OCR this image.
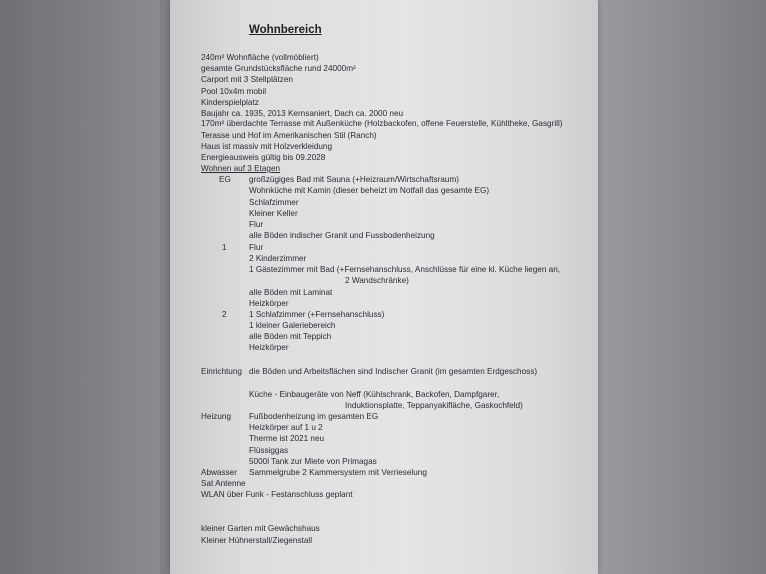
Wohnbereich
240m² Wohnfläche (vollmöbliert)
gesamte Grundstücksfläche rund 24000m²
Carport mit 3 Stellplätzen
Pool 10x4m mobil
Kinderspielplatz
Baujahr ca. 1935, 2013 Kernsaniert, Dach ca. 2000 neu
170m² überdachte Terrasse mit Außenküche (Holzbackofen, offene Feuerstelle, Kühltheke, Gasgrill)
Terasse und Hof im Amerikanischen Stil (Ranch)
Haus ist massiv mit Holzverkleidung
Energieausweis gültig bis 09.2028
Wohnen auf 3 Etagen
EG großzügiges Bad mit Sauna (+Heizraum/Wirtschaftsraum)
Wohnküche mit Kamin (dieser beheizt im Notfall das gesamte EG)
Schlafzimmer
Kleiner Keller
Flur
alle Böden indischer Granit und Fussbodenheizung
1	Flur
2 Kinderzimmer
1 Gästezimmer mit Bad (+Fernsehanschluss, Anschlüsse für eine kl. Küche liegen an,
2 Wandschränke)
alle Böden mit Laminat
Heizkörper
2	1 Schlafzimmer (+Fernsehanschluss)
1 kleiner Galeriebereich
alle Böden mit Teppich
Heizkörper
Einrichtung die Böden und Arbeitsflächen sind Indischer Granit (im gesamten Erdgeschoss)
Küche - Einbaugeräte von Neff (Kühlschrank, Backofen, Dampfgarer,
Induktionsplatte, Teppanyakifläche, Gaskochfeld)
Heizung Fußbodenheizung im gesamten EG
Heizkörper auf 1 u 2
Therme ist 2021 neu
Flüssiggas
5000l Tank zur Miete von Primagas
Abwasser Sammelgrube 2 Kammersystem mit Verrieselung
Sat Antenne
WLAN über Funk - Festanschluss geplant
kleiner Garten mit Gewächshaus
Kleiner Hühnerstall/Ziegenstall
